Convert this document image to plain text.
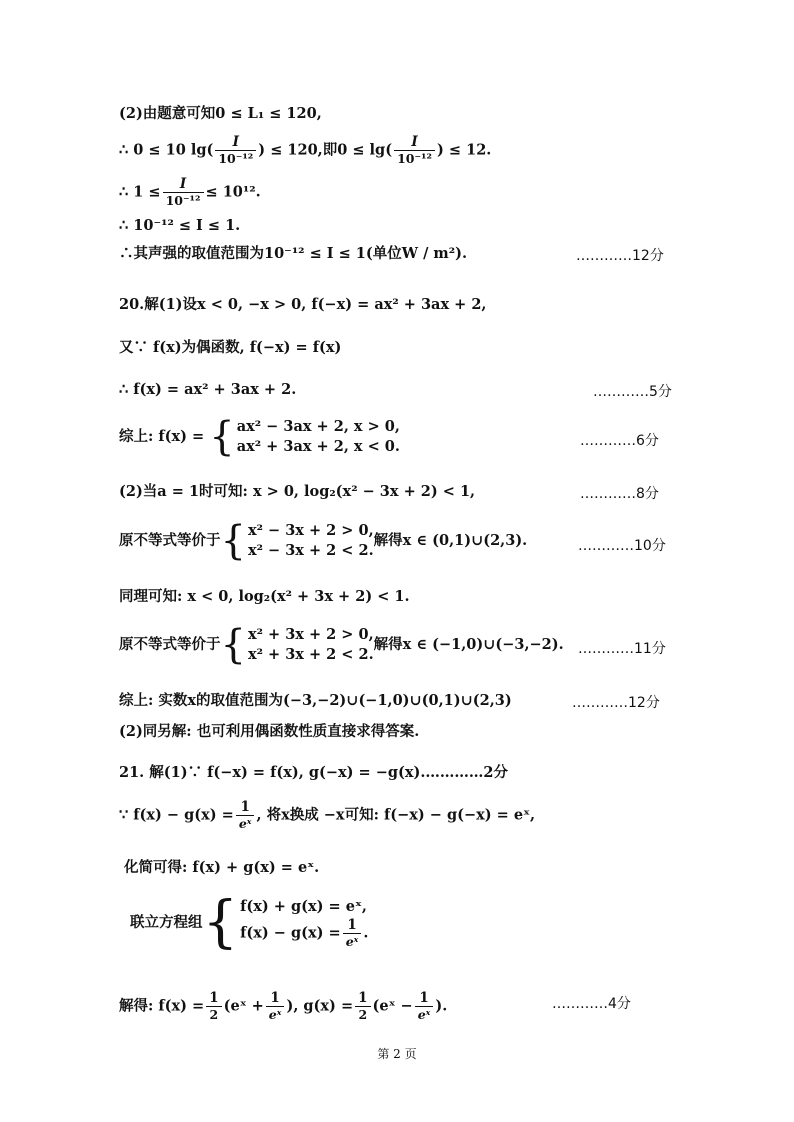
(2)由题意可知0 ≤ L₁ ≤ 120,
∴ 0 ≤ 10 $\lg( \frac{I}{\text{10⁻¹²}}$ ) ≤ 120,即$0 \le \lg( \frac{I}{\text{10⁻¹²}}$ ) ≤ 12.
∴ $1 \le \frac{I}{\text{10⁻¹²}} \le 10^{12}$.
∴ 10⁻¹² ≤ I ≤ 1.
∴其声强的取值范围为10⁻¹² ≤ I ≤ 1(单位W / m²).	…………12分
20.解(1)设x < 0, −x > 0, f(−x) = ax² + 3ax + 2,
又∵ f(x)为偶函数, f(−x) = f(x)
∴ f(x) = ax² + 3ax + 2.	…………5分
综上: f(x) = { ax² − 3ax + 2, x > 0,
ax² + 3ax + 2, x < 0.	…………6分
(2)当a = 1时可知: x > 0, log₂(x² − 3x + 2) < 1,	…………8分
原不等式等价于 { x² − 3x + 2 > 0,
x² − 3x + 2 < 2.
解得x ∈ (0,1)∪(2,3).	…………10分
同理可知: x < 0, log₂(x² + 3x + 2) < 1.
原不等式等价于 { x² + 3x + 2 > 0,
x² + 3x + 2 < 2.
解得x ∈ (−1,0)∪(−3,−2). …………11分
综上: 实数x的取值范围为(−3,−2)∪(−1,0)∪(0,1)∪(2,3)	…………12分
(2)同另解: 也可利用偶函数性质直接求得答案.
21. 解(1)∵ f(−x) = f(x), g(−x) = −g(x).…………2分
∵ $f(x) - g(x) = \frac{1}{\text{eˣ}}$ , 将x换成 −x可知: f(−x) − g(−x) = eˣ,
化简可得: f(x) + g(x) = eˣ.
联立方程组 { f(x) + g(x) = eˣ,
$f(x) - g(x) = \frac{1}{\text{eˣ}}$ .
解得: $f(x) = \frac{1}{2}$ (eˣ + $\frac{1}{\text{eˣ}}$ ), $g(x) = \frac{1}{2}$ (eˣ − $\frac{1}{\text{eˣ}}$ ).	…………4分
第 2 页
